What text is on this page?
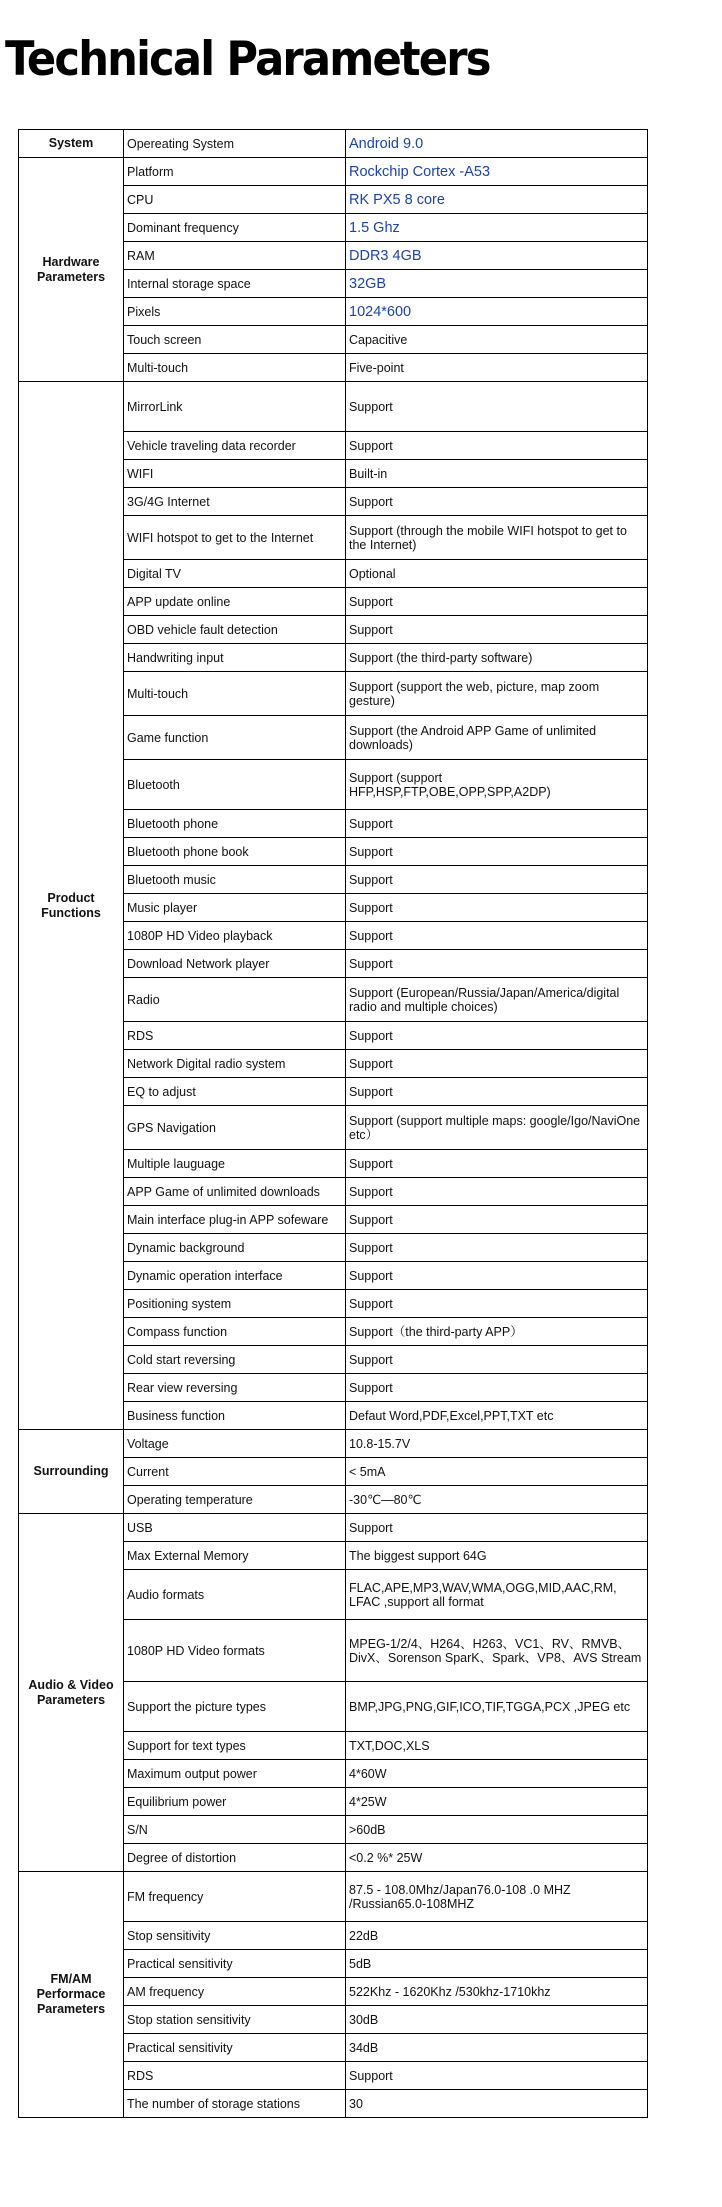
Technical Parameters
System	Opereating System	Android 9.0
Hardware Parameters	Platform	Rockchip Cortex -A53
	CPU	RK PX5 8 core
	Dominant frequency	1.5 Ghz
	RAM	DDR3 4GB
	Internal storage space	32GB
	Pixels	1024*600
	Touch screen	Capacitive
	Multi-touch	Five-point
Product Functions	MirrorLink	Support
	Vehicle traveling data recorder	Support
	WIFI	Built-in
	3G/4G Internet	Support
	WIFI hotspot to get to the Internet	Support (through the mobile WIFI hotspot to get to the Internet)
	Digital TV	Optional
	APP update online	Support
	OBD vehicle fault detection	Support
	Handwriting input	Support (the third-party software)
	Multi-touch	Support (support the web, picture, map zoom gesture)
	Game function	Support (the Android APP Game of unlimited downloads)
	Bluetooth	Support (support HFP,HSP,FTP,OBE,OPP,SPP,A2DP)
	Bluetooth phone	Support
	Bluetooth phone book	Support
	Bluetooth music	Support
	Music player	Support
	1080P HD Video playback	Support
	Download Network player	Support
	Radio	Support (European/Russia/Japan/America/digital radio and multiple choices)
	RDS	Support
	Network Digital radio system	Support
	EQ to adjust	Support
	GPS Navigation	Support (support multiple maps: google/Igo/NaviOne etc）
	Multiple lauguage	Support
	APP Game of unlimited downloads	Support
	Main interface plug-in APP sofeware	Support
	Dynamic background	Support
	Dynamic operation interface	Support
	Positioning system	Support
	Compass function	Support（the third-party APP）
	Cold start reversing	Support
	Rear view reversing	Support
	Business function	Defaut Word,PDF,Excel,PPT,TXT etc
Surrounding	Voltage	10.8-15.7V
	Current	< 5mA
	Operating temperature	-30℃—80℃
Audio & Video Parameters	USB	Support
	Max External Memory	The biggest support 64G
	Audio formats	FLAC,APE,MP3,WAV,WMA,OGG,MID,AAC,RM, LFAC ,support all format
	1080P HD Video formats	MPEG-1/2/4、H264、H263、VC1、RV、RMVB、DivX、Sorenson SparK、Spark、VP8、AVS Stream
	Support the picture types	BMP,JPG,PNG,GIF,ICO,TIF,TGGA,PCX ,JPEG etc
	Support for text types	TXT,DOC,XLS
	Maximum output power	4*60W
	Equilibrium power	4*25W
	S/N	>60dB
	Degree of distortion	<0.2 %* 25W
FM/AM Performace Parameters	FM frequency	87.5 - 108.0Mhz/Japan76.0-108 .0 MHZ /Russian65.0-108MHZ
	Stop sensitivity	22dB
	Practical sensitivity	5dB
	AM frequency	522Khz - 1620Khz /530khz-1710khz
	Stop station sensitivity	30dB
	Practical sensitivity	34dB
	RDS	Support
	The number of storage stations	30
